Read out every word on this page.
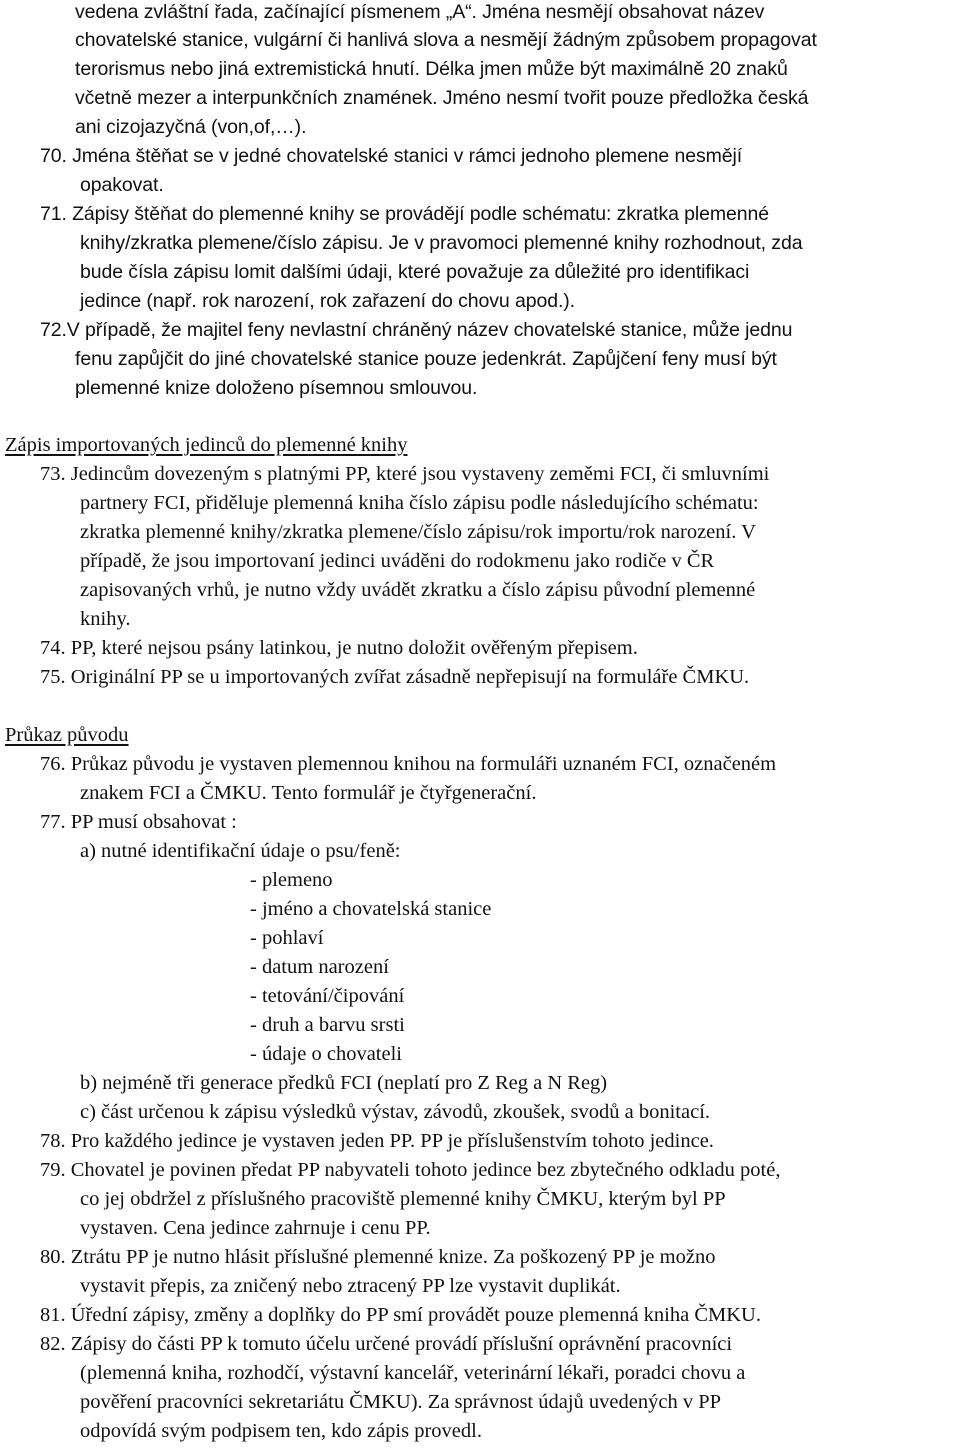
vedena zvláštní řada, začínající písmenem „A“. Jména nesmějí obsahovat název
chovatelské stanice, vulgární či hanlivá slova a nesmějí žádným způsobem propagovat
terorismus nebo jiná extremistická hnutí. Délka jmen může být maximálně 20 znaků
včetně mezer a interpunkčních znamének. Jméno nesmí tvořit pouze předložka česká
ani cizojazyčná (von,of,…).
70. Jména štěňat se v jedné chovatelské stanici v rámci jednoho plemene nesmějí
opakovat.
71. Zápisy štěňat do plemenné knihy se provádějí podle schématu: zkratka plemenné
knihy/zkratka plemene/číslo zápisu. Je v pravomoci plemenné knihy rozhodnout, zda
bude čísla zápisu lomit dalšími údaji, které považuje za důležité pro identifikaci
jedince (např. rok narození, rok zařazení do chovu apod.).
72.V případě, že majitel feny nevlastní chráněný název chovatelské stanice, může jednu
fenu zapůjčit do jiné chovatelské stanice pouze jedenkrát. Zapůjčení feny musí být
plemenné knize doloženo písemnou smlouvou.
Zápis importovaných jedinců do plemenné knihy
73. Jedincům dovezeným s platnými PP, které jsou vystaveny zeměmi FCI, či smluvními
partnery FCI, přiděluje plemenná kniha číslo zápisu podle následujícího schématu:
zkratka plemenné knihy/zkratka plemene/číslo zápisu/rok importu/rok narození. V
případě, že jsou importovaní jedinci uváděni do rodokmenu jako rodiče v ČR
zapisovaných vrhů, je nutno vždy uvádět zkratku a číslo zápisu původní plemenné
knihy.
74. PP, které nejsou psány latinkou, je nutno doložit ověřeným přepisem.
75. Originální PP se u importovaných zvířat zásadně nepřepisují na formuláře ČMKU.
Průkaz původu
76. Průkaz původu je vystaven plemennou knihou na formuláři uznaném FCI, označeném
znakem FCI a ČMKU. Tento formulář je čtyřgenerační.
77. PP musí obsahovat :
a) nutné identifikační údaje o psu/feně:
- plemeno
- jméno a chovatelská stanice
- pohlaví
- datum narození
- tetování/čipování
- druh a barvu srsti
- údaje o chovateli
b) nejméně tři generace předků FCI (neplatí pro Z Reg a N Reg)
c) část určenou k zápisu výsledků výstav, závodů, zkoušek, svodů a bonitací.
78. Pro každého jedince je vystaven jeden PP. PP je příslušenstvím tohoto jedince.
79. Chovatel je povinen předat PP nabyvateli tohoto jedince bez zbytečného odkladu poté,
co jej obdržel z příslušného pracoviště plemenné knihy ČMKU, kterým byl PP
vystaven. Cena jedince zahrnuje i cenu PP.
80. Ztrátu PP je nutno hlásit příslušné plemenné knize. Za poškozený PP je možno
vystavit přepis, za zničený nebo ztracený PP lze vystavit duplikát.
81. Úřední zápisy, změny a doplňky do PP smí provádět pouze plemenná kniha ČMKU.
82. Zápisy do části PP k tomuto účelu určené provádí příslušní oprávnění pracovníci
(plemenná kniha, rozhodčí, výstavní kancelář, veterinární lékaři, poradci chovu a
pověření pracovníci sekretariátu ČMKU). Za správnost údajů uvedených v PP
odpovídá svým podpisem ten, kdo zápis provedl.
